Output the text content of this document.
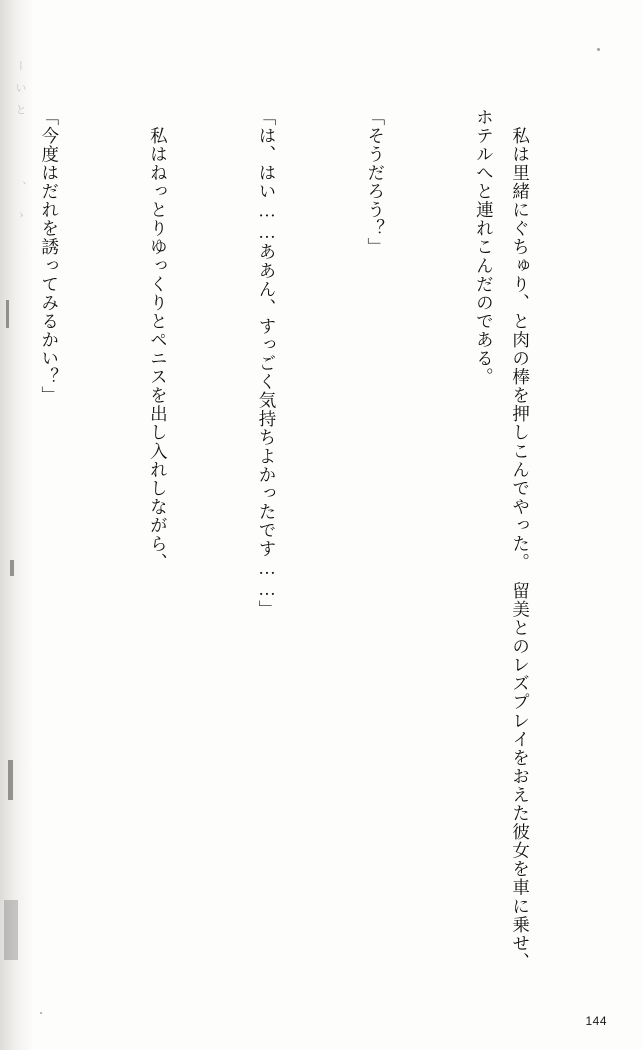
ー　い　と　　　　　　、　　ゝ

	　私は里緒にぐちゅり、と肉の棒を押しこんでやった。　留美とのレズプレイをおえた彼女を車に乗せ、ホテルへと連れこんだのである。

「そうだろう？」

「は、はい……ああん、すっごく気持ちよかったです……」

　私はねっとりゆっくりとペニスを出し入れしながら、

「今度はだれを誘ってみるかい？」

144
